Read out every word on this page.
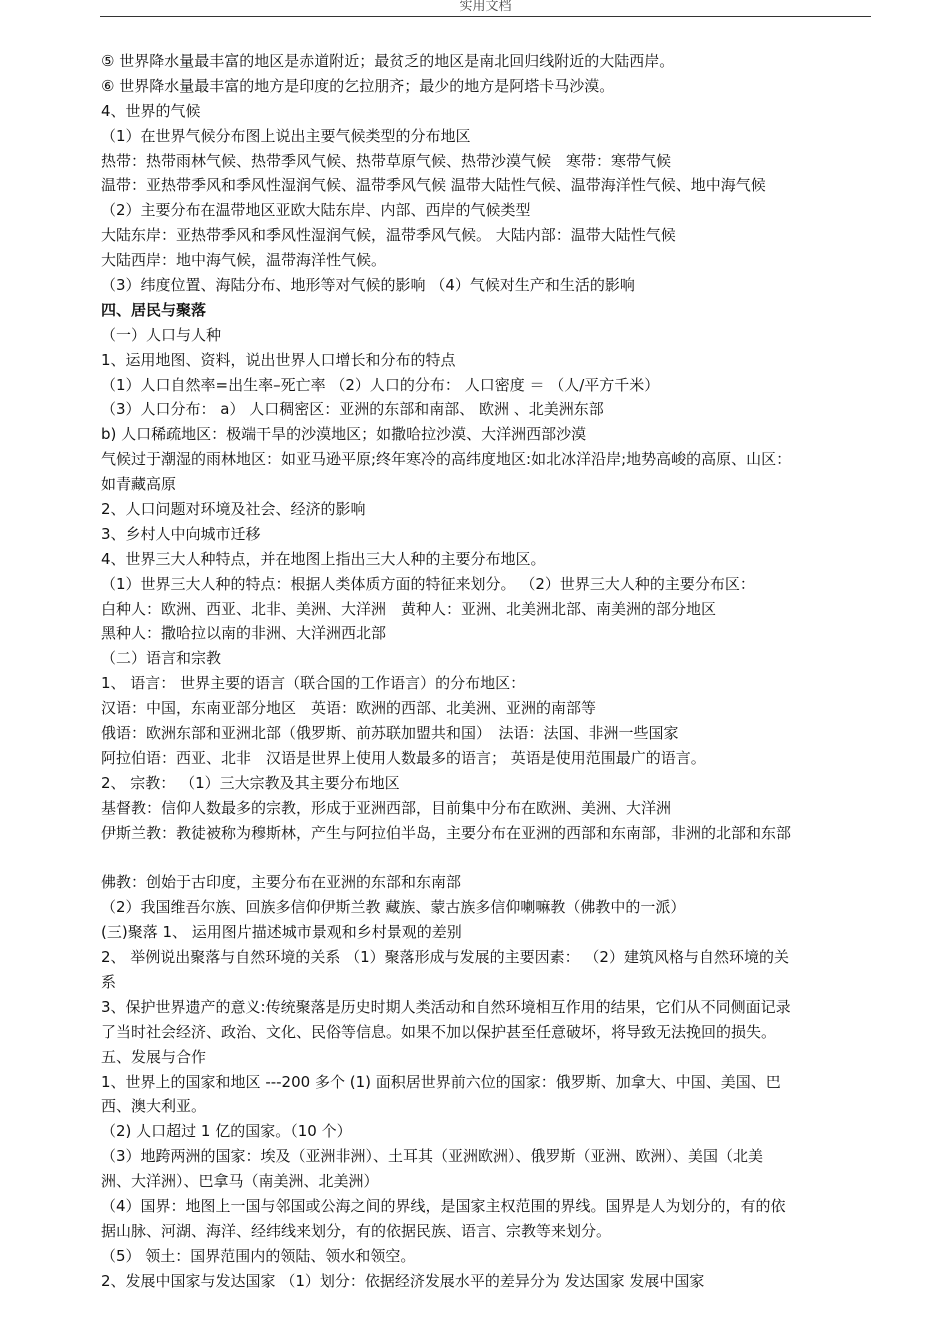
实用文档
⑤ 世界降水量最丰富的地区是赤道附近；最贫乏的地区是南北回归线附近的大陆西岸。
⑥ 世界降水量最丰富的地方是印度的乞拉朋齐；最少的地方是阿塔卡马沙漠。
4、世界的气候
（1）在世界气候分布图上说出主要气候类型的分布地区
热带：热带雨林气候、热带季风气候、热带草原气候、热带沙漠气候　寒带：寒带气候
温带：亚热带季风和季风性湿润气候、温带季风气候 温带大陆性气候、温带海洋性气候、地中海气候
（2）主要分布在温带地区亚欧大陆东岸、内部、西岸的气候类型
大陆东岸：亚热带季风和季风性湿润气候，温带季风气候。 大陆内部：温带大陆性气候
大陆西岸：地中海气候，温带海洋性气候。
（3）纬度位置、海陆分布、地形等对气候的影响 （4）气候对生产和生活的影响
四、居民与聚落
（一）人口与人种
1、运用地图、资料，说出世界人口增长和分布的特点
（1）人口自然率=出生率–死亡率 （2）人口的分布： 人口密度 ＝ （人/平方千米）
（3）人口分布： a） 人口稠密区：亚洲的东部和南部、 欧洲 、北美洲东部
b) 人口稀疏地区：极端干旱的沙漠地区；如撒哈拉沙漠、大洋洲西部沙漠
气候过于潮湿的雨林地区：如亚马逊平原;终年寒冷的高纬度地区:如北冰洋沿岸;地势高峻的高原、山区：
如青藏高原
2、人口问题对环境及社会、经济的影响
3、乡村人中向城市迁移
4、世界三大人种特点，并在地图上指出三大人种的主要分布地区。
（1）世界三大人种的特点：根据人类体质方面的特征来划分。 （2）世界三大人种的主要分布区：
白种人：欧洲、西亚、北非、美洲、大洋洲　黄种人：亚洲、北美洲北部、南美洲的部分地区
黑种人：撒哈拉以南的非洲、大洋洲西北部
（二）语言和宗教
1、 语言： 世界主要的语言（联合国的工作语言）的分布地区：
汉语：中国，东南亚部分地区　英语：欧洲的西部、北美洲、亚洲的南部等
俄语：欧洲东部和亚洲北部（俄罗斯、前苏联加盟共和国）　法语：法国、非洲一些国家
阿拉伯语：西亚、北非　汉语是世界上使用人数最多的语言； 英语是使用范围最广的语言。
2、 宗教： （1）三大宗教及其主要分布地区
基督教：信仰人数最多的宗教，形成于亚洲西部，目前集中分布在欧洲、美洲、大洋洲
伊斯兰教：教徒被称为穆斯林，产生与阿拉伯半岛，主要分布在亚洲的西部和东南部，非洲的北部和东部
佛教：创始于古印度，主要分布在亚洲的东部和东南部
（2）我国维吾尔族、回族多信仰伊斯兰教 藏族、蒙古族多信仰喇嘛教（佛教中的一派）
(三)聚落 1、 运用图片描述城市景观和乡村景观的差别
2、 举例说出聚落与自然环境的关系 （1）聚落形成与发展的主要因素： （2）建筑风格与自然环境的关
系
3、保护世界遗产的意义:传统聚落是历史时期人类活动和自然环境相互作用的结果，它们从不同侧面记录
了当时社会经济、政治、文化、民俗等信息。如果不加以保护甚至任意破坏，将导致无法挽回的损失。
五、发展与合作
1、世界上的国家和地区 ---200 多个 (1) 面积居世界前六位的国家：俄罗斯、加拿大、中国、美国、巴
西、澳大利亚。
（2) 人口超过 1 亿的国家。（10 个）
（3）地跨两洲的国家：埃及（亚洲非洲）、土耳其（亚洲欧洲）、俄罗斯（亚洲、欧洲）、美国（北美
洲、大洋洲）、巴拿马（南美洲、北美洲）
（4）国界：地图上一国与邻国或公海之间的界线，是国家主权范围的界线。国界是人为划分的，有的依
据山脉、河湖、海洋、经纬线来划分，有的依据民族、语言、宗教等来划分。
（5） 领土：国界范围内的领陆、领水和领空。
2、发展中国家与发达国家 （1）划分：依据经济发展水平的差异分为 发达国家 发展中国家
